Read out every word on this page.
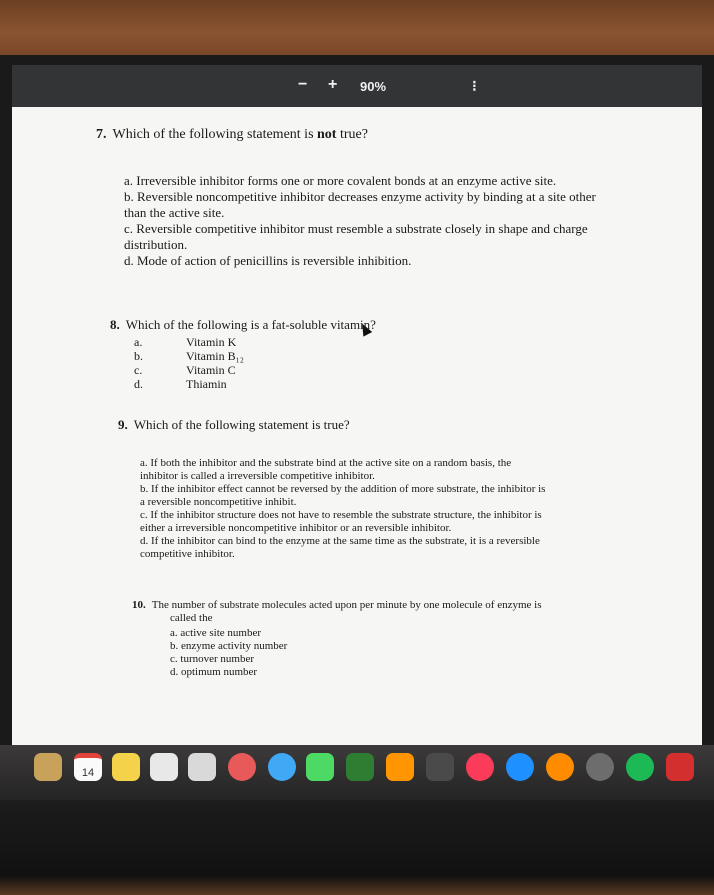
− + 90%	⁝
7. Which of the following statement is not true?
a. Irreversible inhibitor forms one or more covalent bonds at an enzyme active site.
b. Reversible noncompetitive inhibitor decreases enzyme activity by binding at a site other
than the active site.
c. Reversible competitive inhibitor must resemble a substrate closely in shape and charge
distribution.
d. Mode of action of penicillins is reversible inhibition.
8. Which of the following is a fat-soluble vitamin?
a.	Vitamin K
b.	Vitamin B₁₂
c.	Vitamin C
d.	Thiamin
9. Which of the following statement is true?
a. If both the inhibitor and the substrate bind at the active site on a random basis, the
inhibitor is called a irreversible competitive inhibitor.
b. If the inhibitor effect cannot be reversed by the addition of more substrate, the inhibitor is
a reversible noncompetitive inhibit.
c. If the inhibitor structure does not have to resemble the substrate structure, the inhibitor is
either a irreversible noncompetitive inhibitor or an reversible inhibitor.
d. If the inhibitor can bind to the enzyme at the same time as the substrate, it is a reversible
competitive inhibitor.
10. The number of substrate molecules acted upon per minute by one molecule of enzyme is
called the
a. active site number
b. enzyme activity number
c. turnover number
d. optimum number
14
